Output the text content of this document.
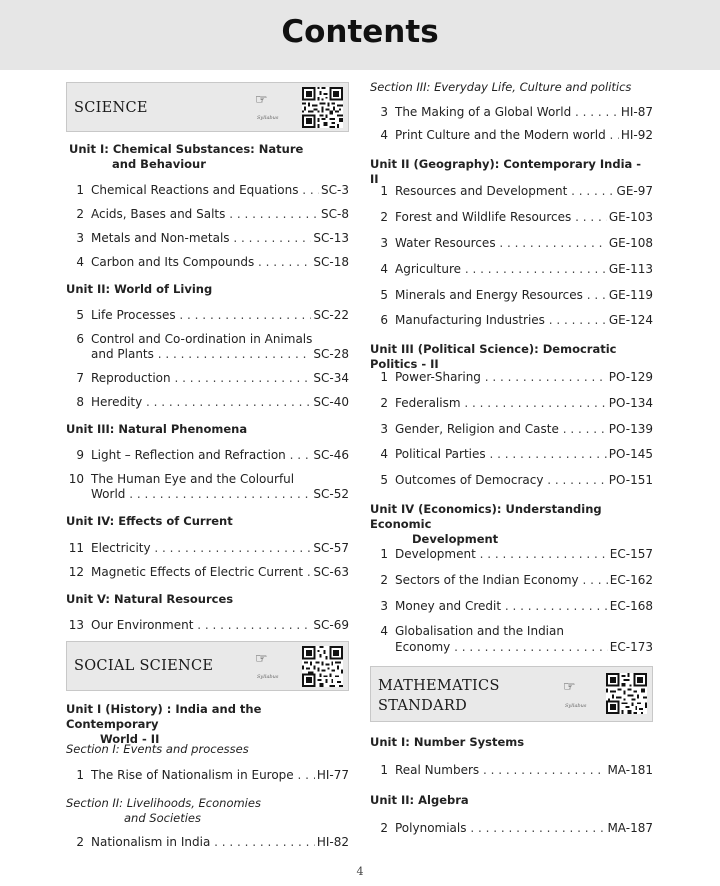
Contents
SCIENCE	☞
Syllabus
Unit I: Chemical Substances: Nature
and Behaviour
1 Chemical Reactions and Equations . . .	SC-3
2 Acids, Bases and Salts . . .	SC-8
3 Metals and Non-metals . . .	SC-13
4 Carbon and Its Compounds . . .	SC-18
Unit II: World of Living
5 Life Processes . . .	SC-22
6 Control and Co-ordination in Animals
and Plants . . .	SC-28
7 Reproduction . . .	SC-34
8 Heredity . . .	SC-40
Unit III: Natural Phenomena
9 Light – Reflection and Refraction . . .	SC-46
10 The Human Eye and the Colourful
World . . .	SC-52
Unit IV: Effects of Current
11 Electricity . . .	SC-57
12 Magnetic Effects of Electric Current . . . SC-63
Unit V: Natural Resources
13 Our Environment . . .	SC-69
SOCIAL SCIENCE	☞
Syllabus
Unit I (History) : India and the Contemporary
World - II
Section I: Events and processes
1 The Rise of Nationalism in Europe . . .	HI-77
Section II: Livelihoods, Economies
and Societies
2 Nationalism in India . . .	HI-82
Section III: Everyday Life, Culture and politics
3 The Making of a Global World . . .	HI-87
4 Print Culture and the Modern world . . .	HI-92
Unit II (Geography): Contemporary India - II
1 Resources and Development . . .	GE-97
2 Forest and Wildlife Resources . . .	GE-103
3 Water Resources . . .	GE-108
4 Agriculture . . .	GE-113
5 Minerals and Energy Resources . . .	GE-119
6 Manufacturing Industries . . .	GE-124
Unit III (Political Science): Democratic Politics - II
1 Power-Sharing . . .	PO-129
2 Federalism . . .	PO-134
3 Gender, Religion and Caste . . .	PO-139
4 Political Parties . . .	PO-145
5 Outcomes of Democracy . . .	PO-151
Unit IV (Economics): Understanding Economic
Development
1 Development . . .	EC-157
2 Sectors of the Indian Economy . . .	EC-162
3 Money and Credit . . .	EC-168
4 Globalisation and the Indian
Economy . . .	EC-173
MATHEMATICS
STANDARD
☞
Syllabus
Unit I: Number Systems
1 Real Numbers . . .	MA-181
Unit II: Algebra
2 Polynomials . . .	MA-187
4
